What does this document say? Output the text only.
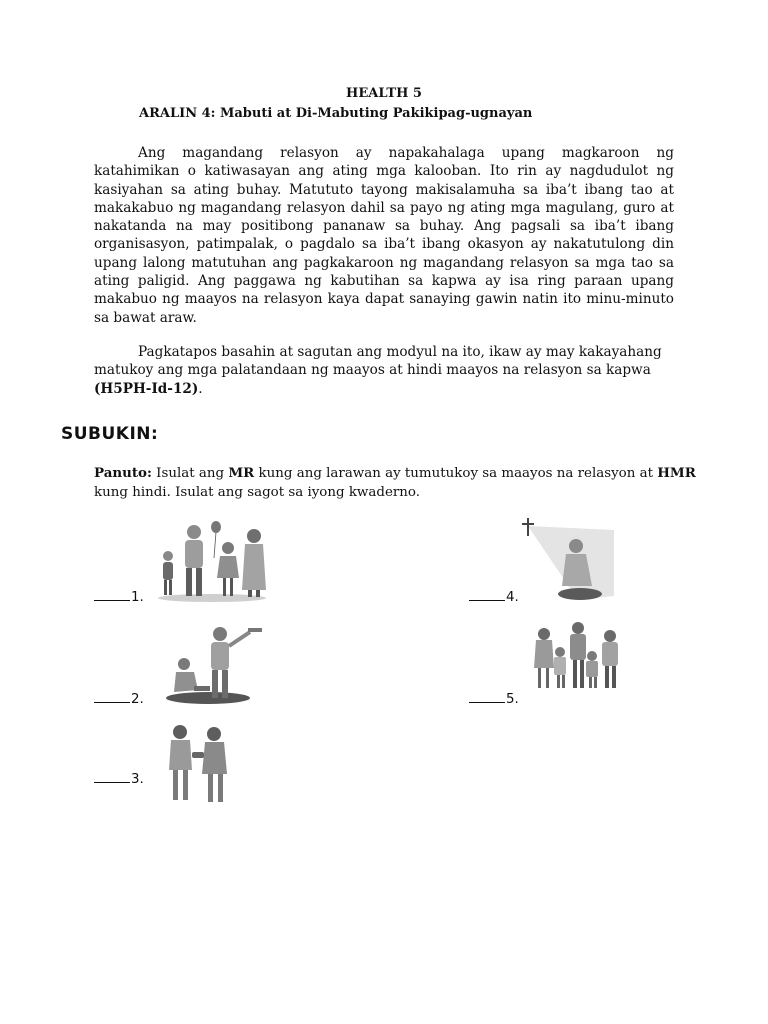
HEALTH 5
ARALIN 4: Mabuti at Di-Mabuting Pakikipag-ugnayan
Ang magandang relasyon ay napakahalaga upang magkaroon ng katahimikan o katiwasayan ang ating mga kalooban. Ito rin ay nagdudulot ng kasiyahan sa ating buhay. Matututo tayong makisalamuha sa iba’t ibang tao at makakabuo ng magandang relasyon dahil sa payo ng ating mga magulang, guro at nakatanda na may positibong pananaw sa buhay. Ang pagsali sa iba’t ibang organisasyon, patimpalak, o pagdalo sa iba’t ibang okasyon ay nakatutulong din upang lalong matutuhan ang pagkakaroon ng magandang relasyon sa mga tao sa ating paligid. Ang paggawa ng kabutihan sa kapwa ay isa ring paraan upang makabuo ng maayos na relasyon kaya dapat sanaying gawin natin ito minu-minuto sa bawat araw.
Pagkatapos basahin at sagutan ang modyul na ito, ikaw ay may kakayahang matukoy ang mga palatandaan ng maayos at hindi maayos na relasyon sa kapwa (H5PH-Id-12).
SUBUKIN:
Panuto: Isulat ang MR kung ang larawan ay tumutukoy sa maayos na relasyon at HMR kung hindi. Isulat ang sagot sa iyong kwaderno.
1.
2.
3.
4.
5.
